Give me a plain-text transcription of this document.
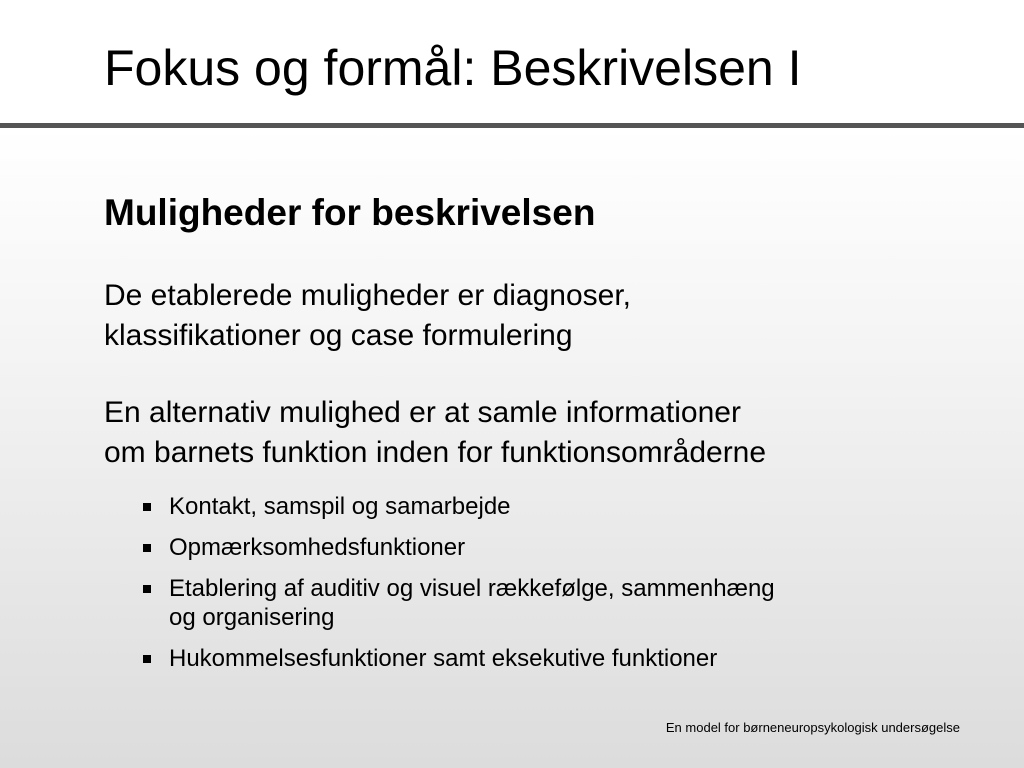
Fokus og formål: Beskrivelsen I
Muligheder for beskrivelsen
De etablerede muligheder er diagnoser,
klassifikationer og case formulering
En alternativ mulighed er at samle informationer
om barnets funktion inden for funktionsområderne
Kontakt, samspil og samarbejde
Opmærksomhedsfunktioner
Etablering af auditiv og visuel rækkefølge, sammenhæng
og organisering
Hukommelsesfunktioner samt eksekutive funktioner
En model for børneneuropsykologisk undersøgelse
